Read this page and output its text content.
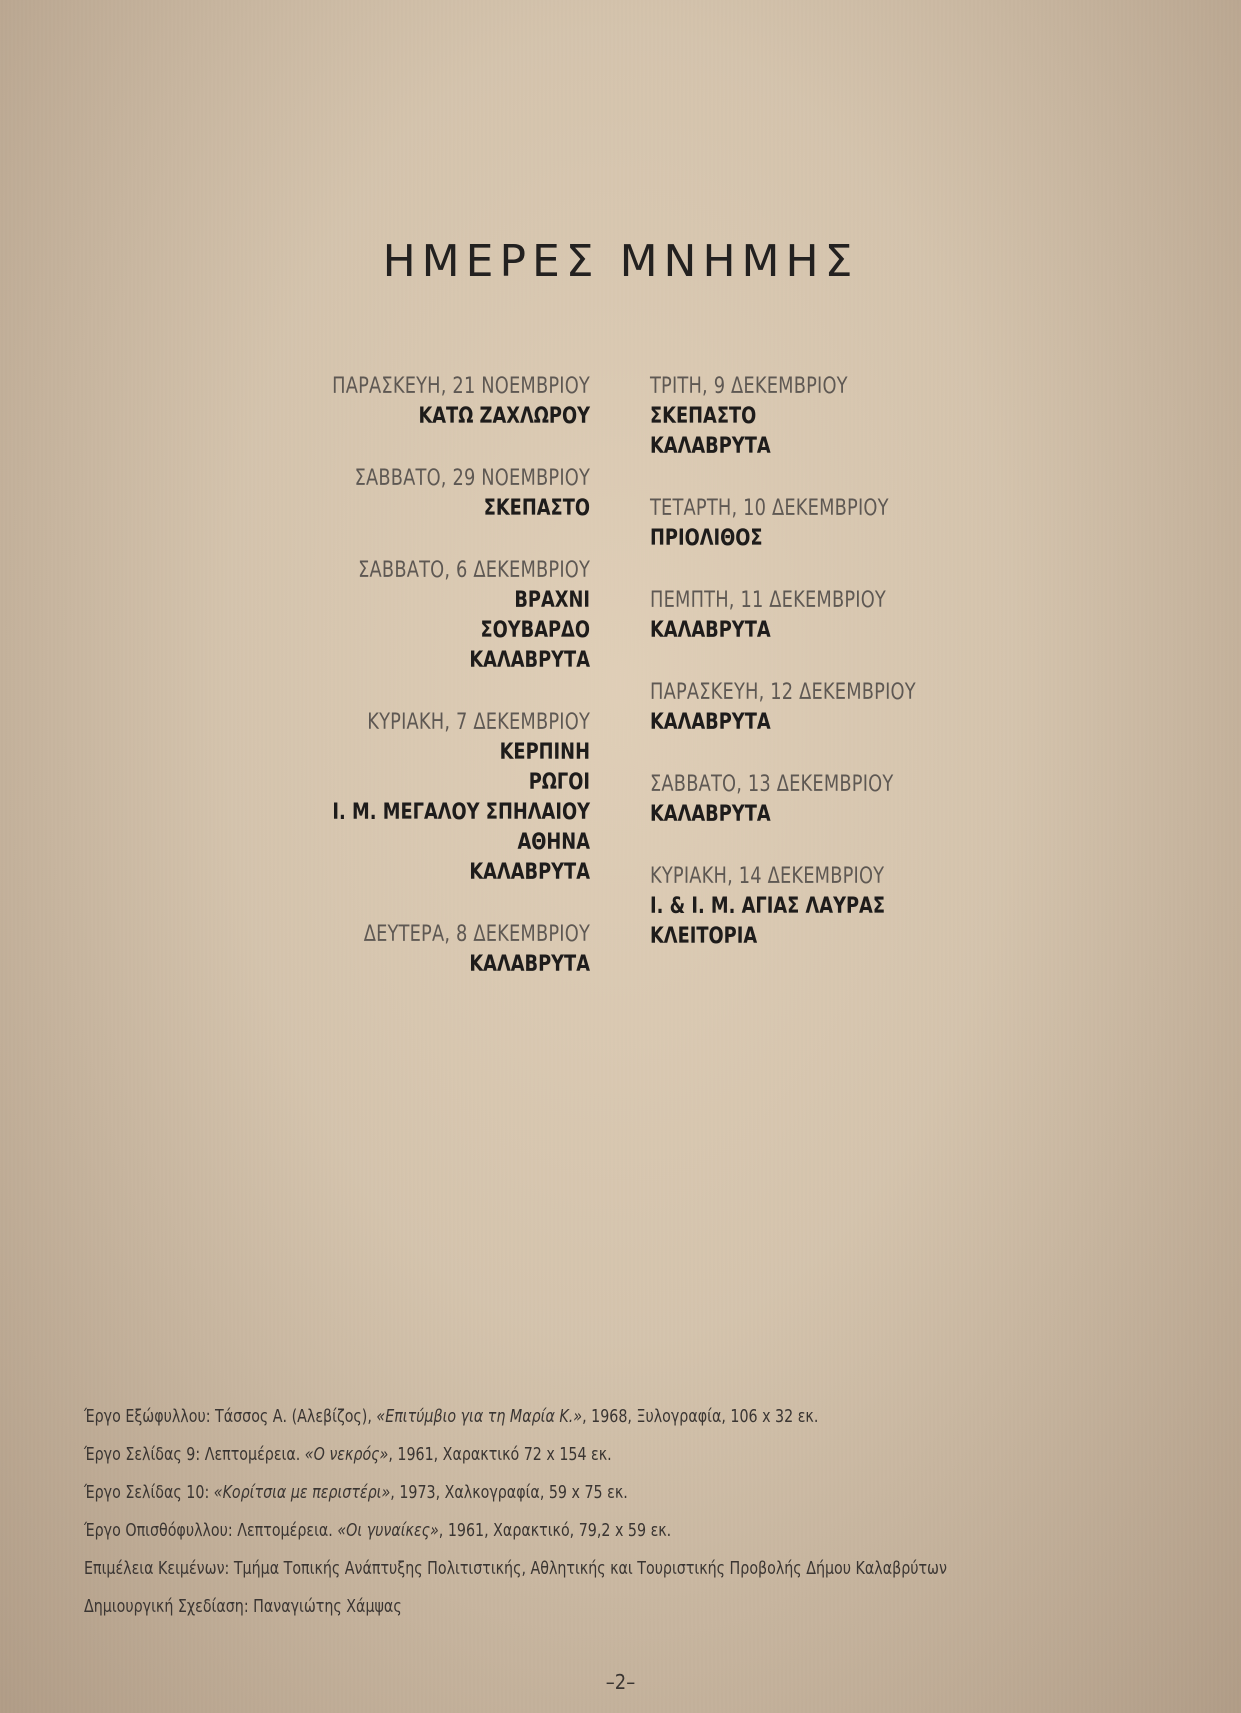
ΗΜΕΡΕΣ ΜΝΗΜΗΣ
ΠΑΡΑΣΚΕΥΗ, 21 ΝΟΕΜΒΡΙΟΥ
ΚΑΤΩ ΖΑΧΛΩΡΟΥ
ΣΑΒΒΑΤΟ, 29 ΝΟΕΜΒΡΙΟΥ
ΣΚΕΠΑΣΤΟ
ΣΑΒΒΑΤΟ, 6 ΔΕΚΕΜΒΡΙΟΥ
ΒΡΑΧΝΙ
ΣΟΥΒΑΡΔΟ
ΚΑΛΑΒΡΥΤΑ
ΚΥΡΙΑΚΗ, 7 ΔΕΚΕΜΒΡΙΟΥ
ΚΕΡΠΙΝΗ
ΡΩΓΟΙ
Ι. Μ. ΜΕΓΑΛΟΥ ΣΠΗΛΑΙΟΥ
ΑΘΗΝΑ
ΚΑΛΑΒΡΥΤΑ
ΔΕΥΤΕΡΑ, 8 ΔΕΚΕΜΒΡΙΟΥ
ΚΑΛΑΒΡΥΤΑ
ΤΡΙΤΗ, 9 ΔΕΚΕΜΒΡΙΟΥ
ΣΚΕΠΑΣΤΟ
ΚΑΛΑΒΡΥΤΑ
ΤΕΤΑΡΤΗ, 10 ΔΕΚΕΜΒΡΙΟΥ
ΠΡΙΟΛΙΘΟΣ
ΠΕΜΠΤΗ, 11 ΔΕΚΕΜΒΡΙΟΥ
ΚΑΛΑΒΡΥΤΑ
ΠΑΡΑΣΚΕΥΗ, 12 ΔΕΚΕΜΒΡΙΟΥ
ΚΑΛΑΒΡΥΤΑ
ΣΑΒΒΑΤΟ, 13 ΔΕΚΕΜΒΡΙΟΥ
ΚΑΛΑΒΡΥΤΑ
ΚΥΡΙΑΚΗ, 14 ΔΕΚΕΜΒΡΙΟΥ
Ι. & Ι. Μ. ΑΓΙΑΣ ΛΑΥΡΑΣ
ΚΛΕΙΤΟΡΙΑ
Έργο Εξώφυλλου: Τάσσος Α. (Αλεβίζος), «Επιτύμβιο για τη Μαρία Κ.», 1968, Ξυλογραφία, 106 x 32 εκ.
Έργο Σελίδας 9: Λεπτομέρεια. «Ο νεκρός», 1961, Χαρακτικό 72 x 154 εκ.
Έργο Σελίδας 10: «Κορίτσια με περιστέρι», 1973, Χαλκογραφία, 59 x 75 εκ.
Έργο Οπισθόφυλλου: Λεπτομέρεια. «Οι γυναίκες», 1961, Χαρακτικό, 79,2 x 59 εκ.
Επιμέλεια Κειμένων: Τμήμα Τοπικής Ανάπτυξης Πολιτιστικής, Αθλητικής και Τουριστικής Προβολής Δήμου Καλαβρύτων
Δημιουργική Σχεδίαση: Παναγιώτης Χάμψας
–2–
